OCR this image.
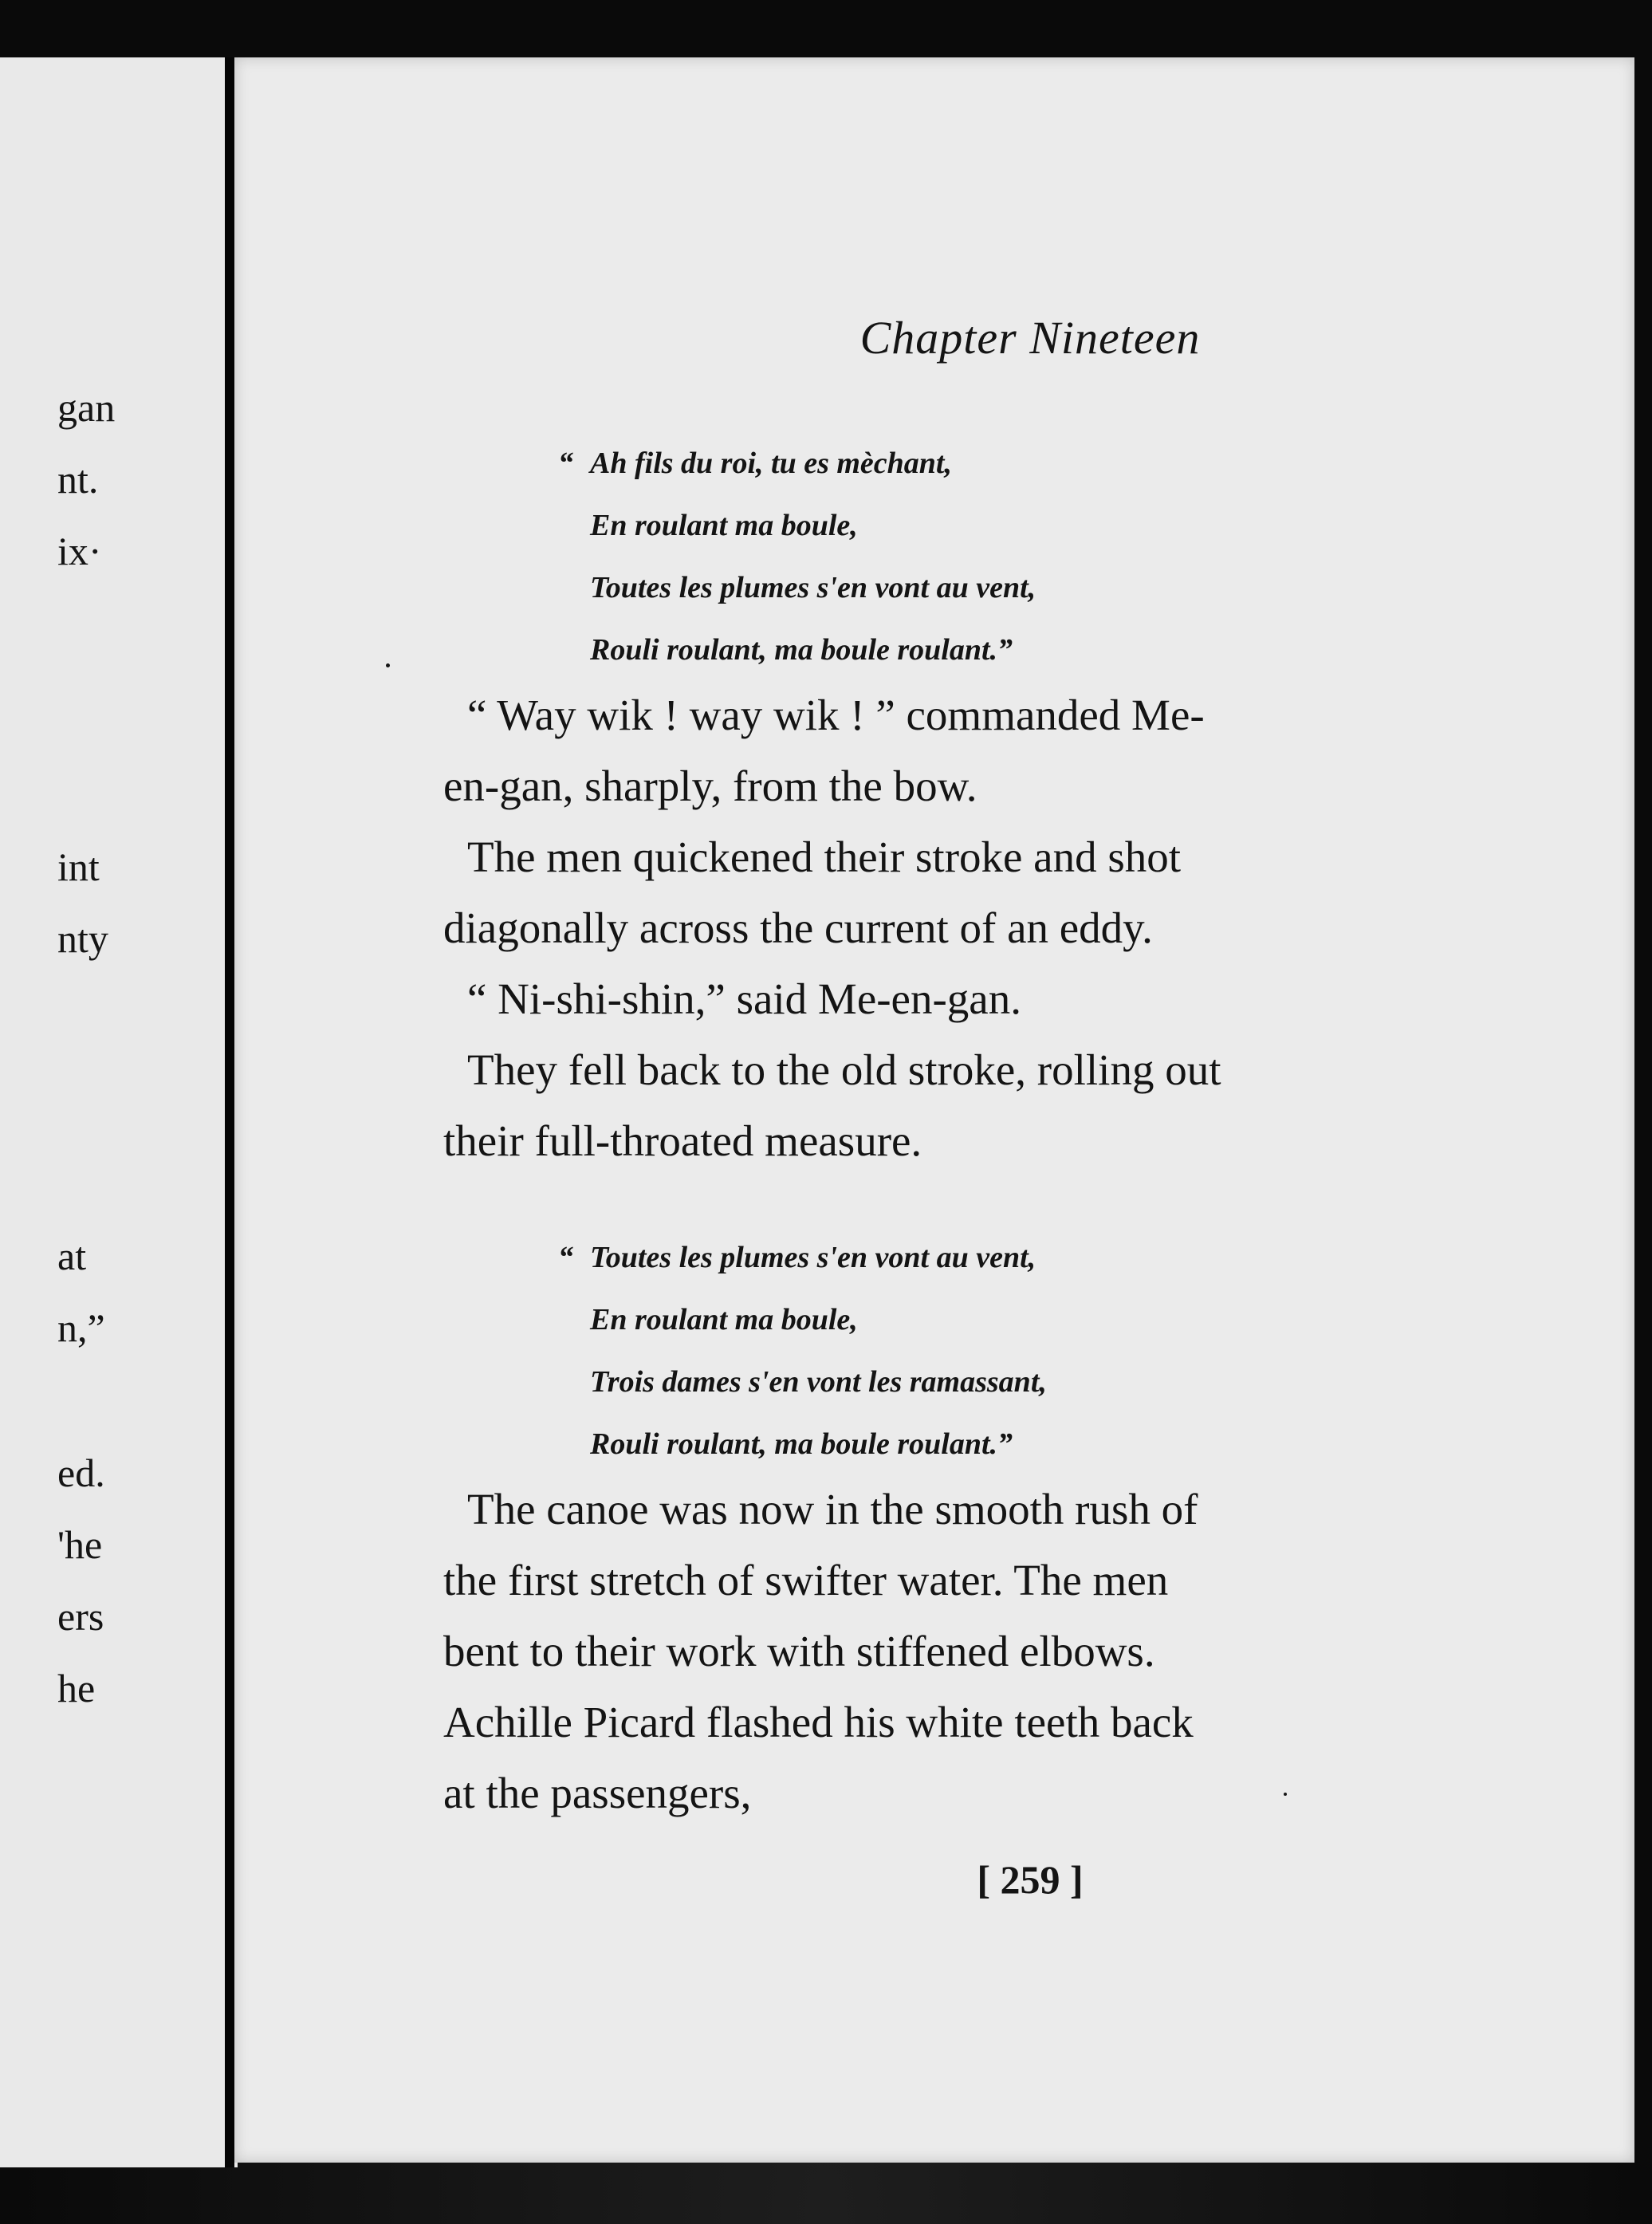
gan
nt.
ix·
int
nty
at
n,”
ed.
'he
ers
he
Chapter Nineteen
“ Ah fils du roi, tu es mèchant,
En roulant ma boule,
Toutes les plumes s'en vont au vent,
Rouli roulant, ma boule roulant.”

“ Way wik ! way wik ! ” commanded Me-

en-gan, sharply, from the bow.

The men quickened their stroke and shot

diagonally across the current of an eddy.

“ Ni-shi-shin,” said Me-en-gan.

They fell back to the old stroke, rolling out

their full-throated measure.

“ Toutes les plumes s'en vont au vent,
En roulant ma boule,
Trois dames s'en vont les ramassant,
Rouli roulant, ma boule roulant.”

The canoe was now in the smooth rush of

the first stretch of swifter water. The men

bent to their work with stiffened elbows.

Achille Picard flashed his white teeth back

at the passengers,

[ 259 ]
